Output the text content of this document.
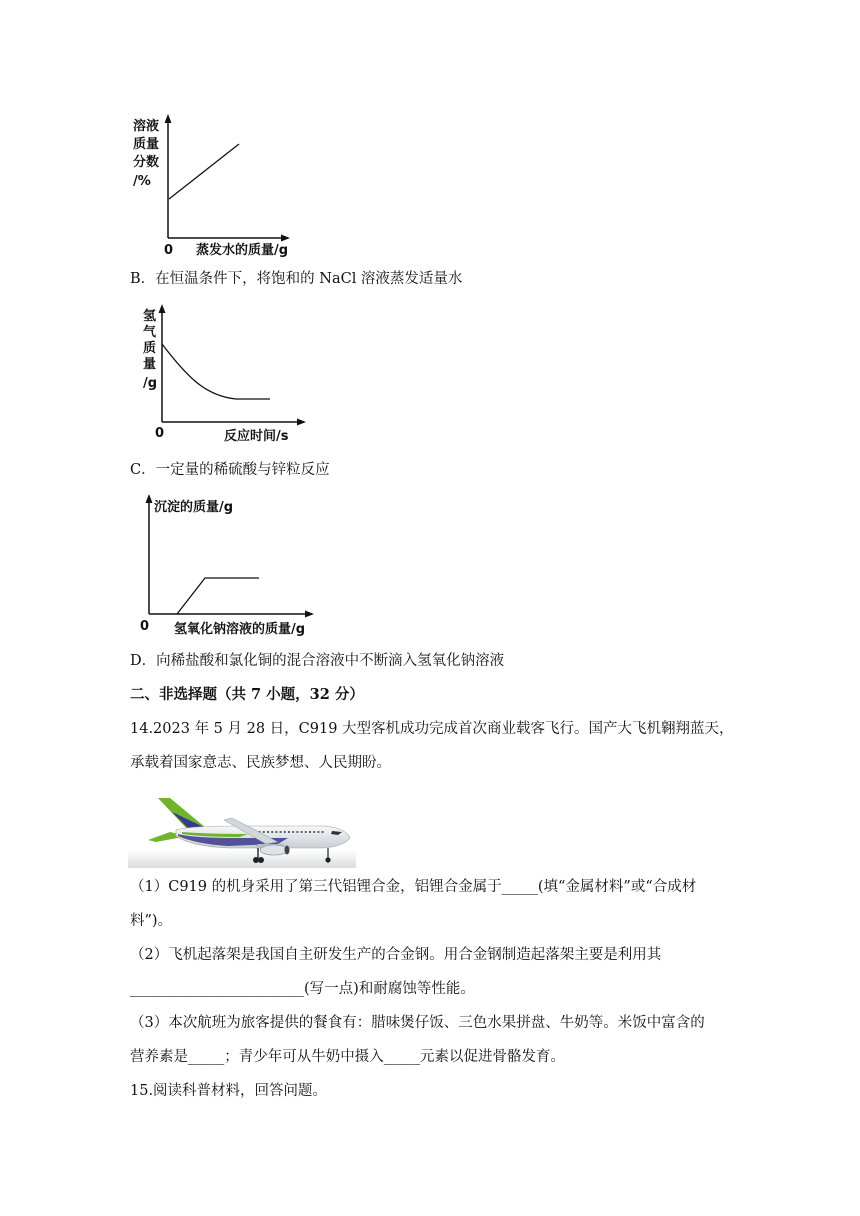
溶液
质量
分数
/%
0 蒸发水的质量/g
B．在恒温条件下，将饱和的 NaCl 溶液蒸发适量水
氢
气
质
量
/g
0	反应时间/s
C．一定量的稀硫酸与锌粒反应
沉淀的质量/g
0 氢氧化钠溶液的质量/g
D．向稀盐酸和氯化铜的混合溶液中不断滴入氢氧化钠溶液
二、非选择题（共 7 小题，32 分）
14.2023 年 5 月 28 日，C919 大型客机成功完成首次商业载客飞行。国产大飞机翱翔蓝天，
承载着国家意志、民族梦想、人民期盼。
（1）C919 的机身采用了第三代铝锂合金，铝锂合金属于_____(填“金属材料”或“合成材
料”)。
（2）飞机起落架是我国自主研发生产的合金钢。用合金钢制造起落架主要是利用其
________________________(写一点)和耐腐蚀等性能。
（3）本次航班为旅客提供的餐食有：腊味煲仔饭、三色水果拼盘、牛奶等。米饭中富含的
营养素是_____；青少年可从牛奶中摄入_____元素以促进骨骼发育。
15.阅读科普材料，回答问题。
